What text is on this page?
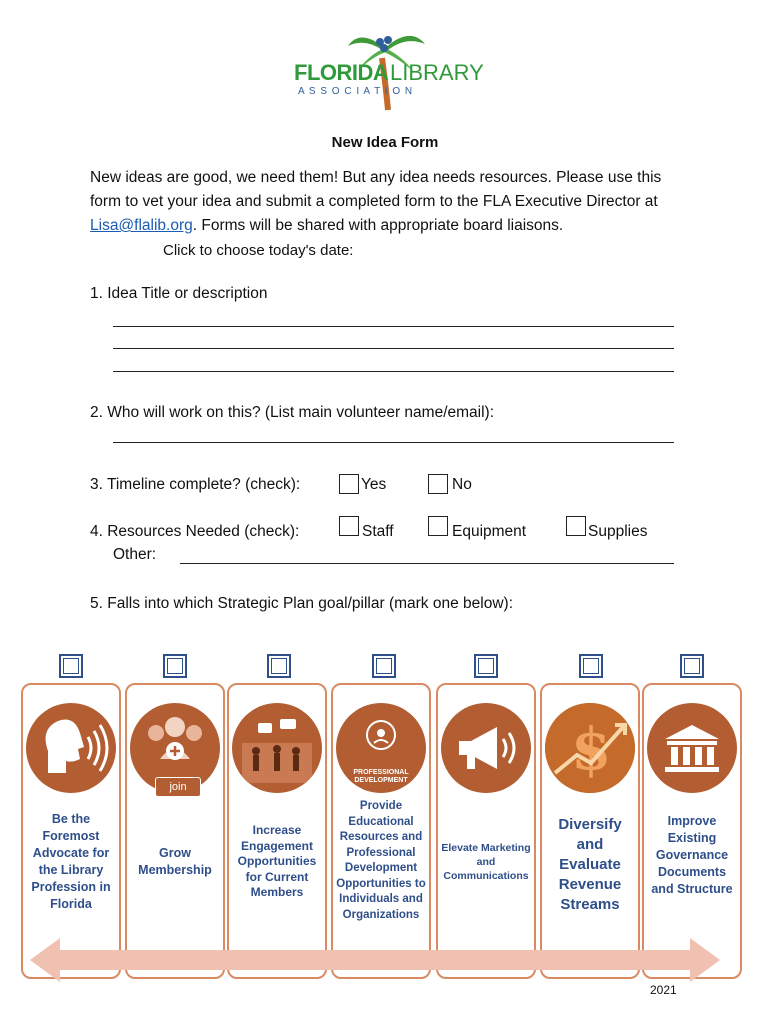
FLORIDA LIBRARY
A S S O C I A T I O N
New Idea Form
New ideas are good, we need them! But any idea needs resources. Please use this form to vet your idea and submit a completed form to the FLA Executive Director at Lisa@flalib.org. Forms will be shared with appropriate board liaisons.
Click to choose today's date:
1. Idea Title or description
2. Who will work on this? (List main volunteer name/email):
3. Timeline complete? (check):	Yes	No
4. Resources Needed (check):	Staff	Equipment	Supplies
Other:
5. Falls into which Strategic Plan goal/pillar (mark one below):
Be the Foremost Advocate for the Library Profession in Florida
join
Grow Membership
Increase Engagement Opportunities for Current Members
PROFESSIONAL DEVELOPMENT
Provide Educational Resources and Professional Development Opportunities to Individuals and Organizations
Elevate Marketing and Communications
$
Diversify and Evaluate Revenue Streams
Improve Existing Governance Documents and Structure
2021
